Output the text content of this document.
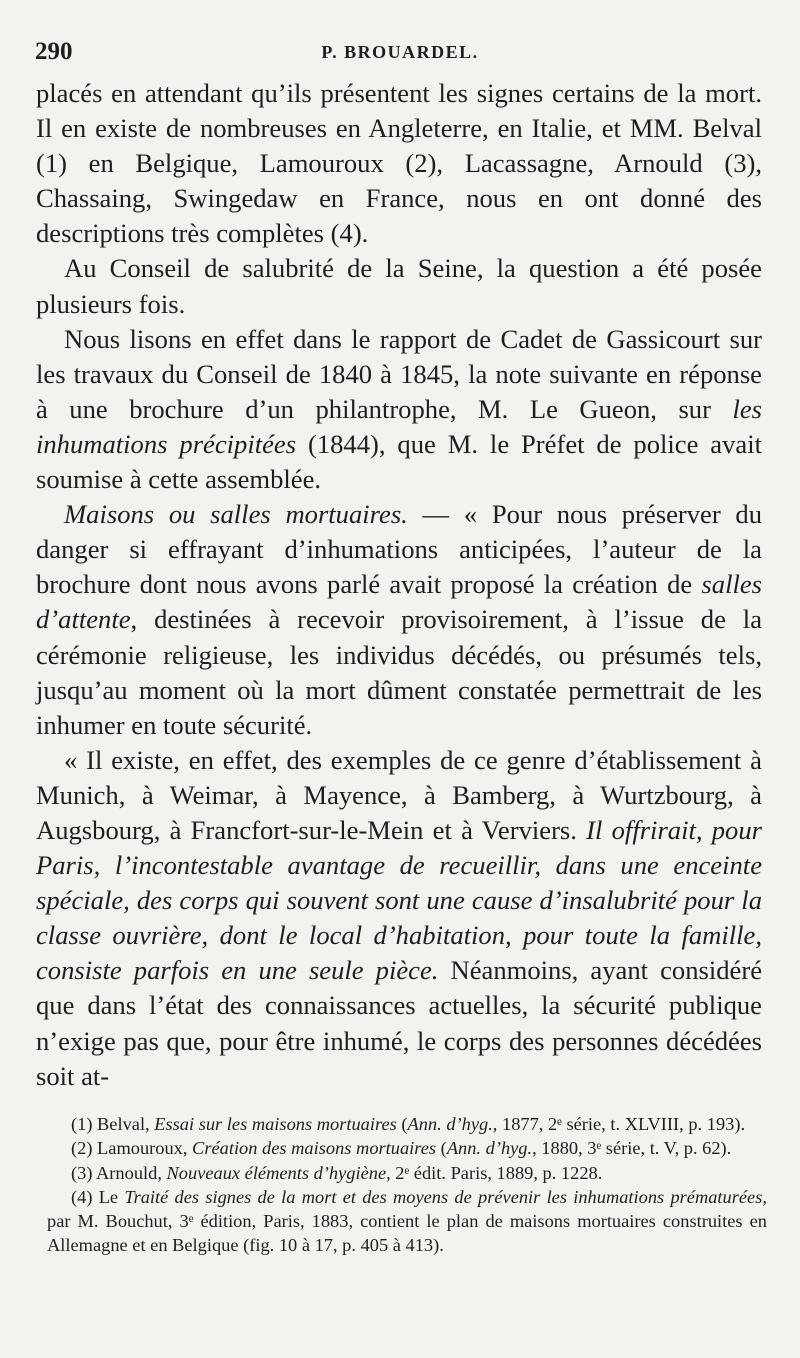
290	P. BROUARDEL.

placés en attendant qu’ils présentent les signes certains de la mort. Il en existe de nombreuses en Angleterre, en Italie, et MM. Belval (1) en Belgique, Lamouroux (2), Lacassagne, Arnould (3), Chassaing, Swingedaw en France, nous en ont donné des descriptions très complètes (4).

Au Conseil de salubrité de la Seine, la question a été posée plusieurs fois.

Nous lisons en effet dans le rapport de Cadet de Gassicourt sur les travaux du Conseil de 1840 à 1845, la note suivante en réponse à une brochure d’un philantrophe, M. Le Gueon, sur les inhumations précipitées (1844), que M. le Préfet de police avait soumise à cette assemblée.

Maisons ou salles mortuaires. — « Pour nous préserver du danger si effrayant d’inhumations anticipées, l’auteur de la brochure dont nous avons parlé avait proposé la création de salles d’attente, destinées à recevoir provisoirement, à l’issue de la cérémonie religieuse, les individus décédés, ou présumés tels, jusqu’au moment où la mort dûment constatée permettrait de les inhumer en toute sécurité.

« Il existe, en effet, des exemples de ce genre d’établissement à Munich, à Weimar, à Mayence, à Bamberg, à Wurtzbourg, à Augsbourg, à Francfort-sur-le-Mein et à Verviers. Il offrirait, pour Paris, l’incontestable avantage de recueillir, dans une enceinte spéciale, des corps qui souvent sont une cause d’insalubrité pour la classe ouvrière, dont le local d’habitation, pour toute la famille, consiste parfois en une seule pièce. Néanmoins, ayant considéré que dans l’état des connaissances actuelles, la sécurité publique n’exige pas que, pour être inhumé, le corps des personnes décédées soit at-

(1) Belval, Essai sur les maisons mortuaires (Ann. d’hyg., 1877, 2ᵉ série, t. XLVIII, p. 193).

(2) Lamouroux, Création des maisons mortuaires (Ann. d’hyg., 1880, 3ᵉ série, t. V, p. 62).

(3) Arnould, Nouveaux éléments d’hygiène, 2ᵉ édit. Paris, 1889, p. 1228.

(4) Le Traité des signes de la mort et des moyens de prévenir les inhumations prématurées, par M. Bouchut, 3ᵉ édition, Paris, 1883, contient le plan de maisons mortuaires construites en Allemagne et en Belgique (fig. 10 à 17, p. 405 à 413).
